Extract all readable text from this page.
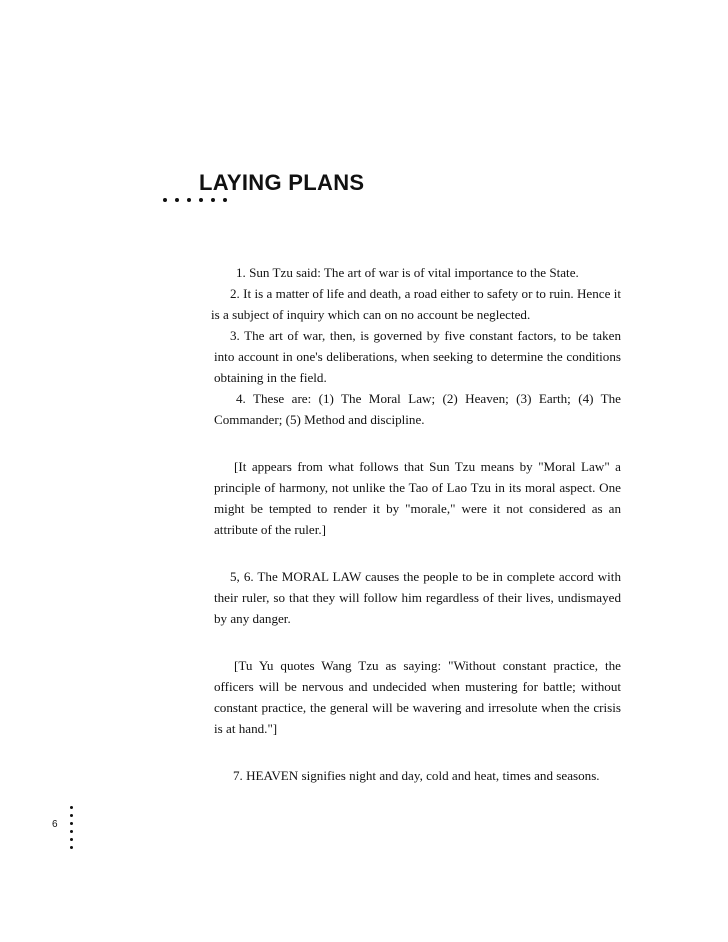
LAYING PLANS

1. Sun Tzu said: The art of war is of vital importance to the State.

2. It is a matter of life and death, a road either to safety or to ruin. Hence it is a subject of inquiry which can on no account be neglected.

3. The art of war, then, is governed by five constant factors, to be taken into account in one's deliberations, when seeking to determine the conditions obtaining in the field.

4. These are: (1) The Moral Law; (2) Heaven; (3) Earth; (4) The Commander; (5) Method and discipline.

[It appears from what follows that Sun Tzu means by "Moral Law" a principle of harmony, not unlike the Tao of Lao Tzu in its moral aspect. One might be tempted to render it by "morale," were it not considered as an attribute of the ruler.]

5, 6. The MORAL LAW causes the people to be in complete accord with their ruler, so that they will follow him regardless of their lives, undismayed by any danger.

[Tu Yu quotes Wang Tzu as saying: "Without constant practice, the officers will be nervous and undecided when mustering for battle; without constant practice, the general will be wavering and irresolute when the crisis is at hand."]

7. HEAVEN signifies night and day, cold and heat, times and seasons.

6
